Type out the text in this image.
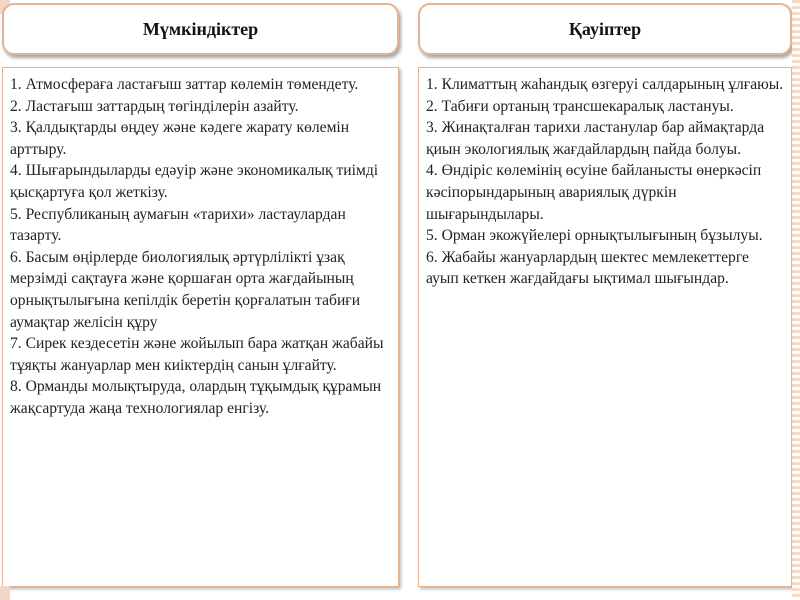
Мүмкіндіктер	Қауіптер
1. Атмосфераға ластағыш заттар көлемін төмендету.
2. Ластағыш заттардың төгінділерін азайту.
3. Қалдықтарды өңдеу және кәдеге жарату көлемін арттыру.
4. Шығарындыларды едәуір және экономикалық тиімді қысқартуға қол жеткізу.
5. Республиканың аумағын «тарихи» ластаулардан тазарту.
6. Басым өңірлерде биологиялық әртүрлілікті ұзақ мерзімді сақтауға және қоршаған орта жағдайының орнықтылығына кепілдік беретін қорғалатын табиғи аумақтар желісін құру
7. Сирек кездесетін және жойылып бара жатқан жабайы тұяқты жануарлар мен киіктердің санын ұлғайту.
8. Орманды молықтыруда, олардың тұқымдық құрамын жақсартуда жаңа технологиялар енгізу.
1. Климаттың жаһандық өзгеруі салдарының ұлғаюы.
2. Табиғи ортаның трансшекаралық ластануы.
3. Жинақталған тарихи ластанулар бар аймақтарда қиын экологиялық жағдайлардың пайда болуы.
4. Өндіріс көлемінің өсуіне байланысты өнеркәсіп кәсіпорындарының авариялық дүркін шығарындылары.
5. Орман экожүйелері орнықтылығының бұзылуы.
6. Жабайы жануарлардың шектес мемлекеттерге ауып кеткен жағдайдағы ықтимал шығындар.
